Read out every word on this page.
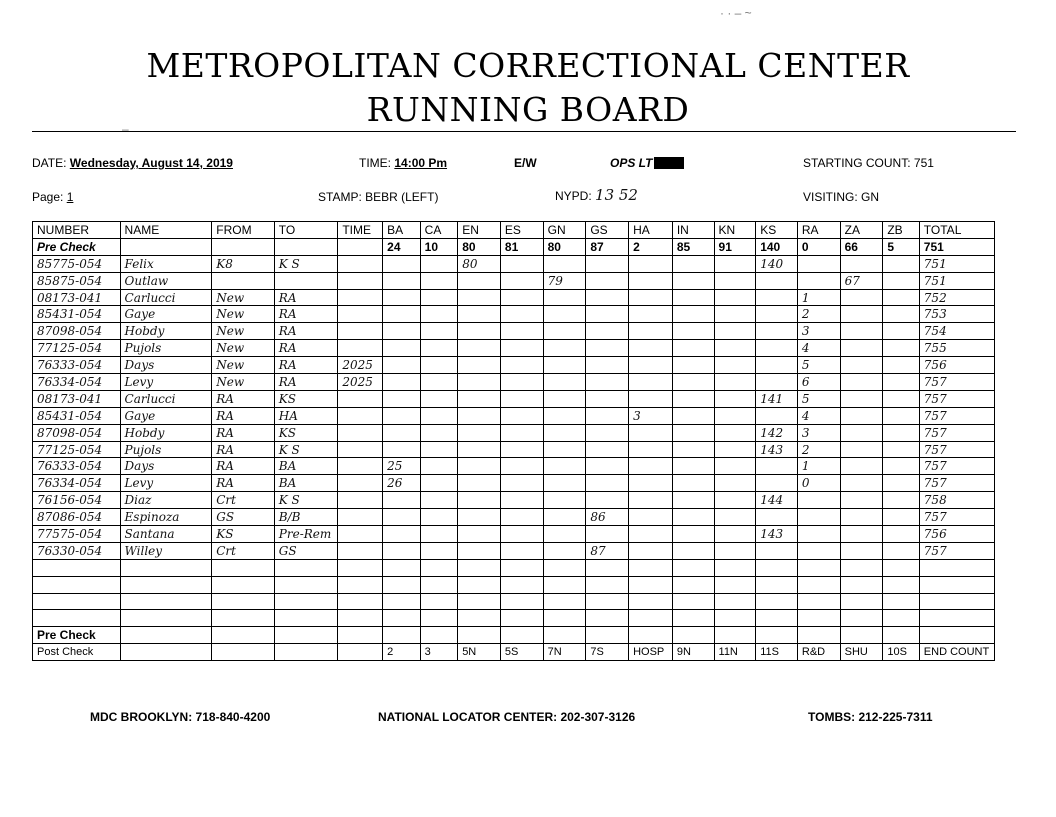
METROPOLITAN CORRECTIONAL CENTER
RUNNING BOARD
· · ‒ ~
‒
DATE: Wednesday, August 14, 2019	TIME: 14:00 Pm	E/W	OPS LT	STARTING COUNT: 751
Page: 1	STAMP: BEBR (LEFT)	NYPD: 13 52	VISITING: GN
NUMBER	NAME	FROM	TO	TIME	BA	CA	EN	ES	GN	GS	HA	IN	KN	KS	RA	ZA	ZB	TOTAL
Pre Check					24	10	80	81	80	87	2	85	91	140	0	66	5	751
85775-054	Felix	K8	K S				80							140				751
85875-054	Outlaw								79							67		751
08173-041	Carlucci	New	RA												1			752
85431-054	Gaye	New	RA												2			753
87098-054	Hobdy	New	RA												3			754
77125-054	Pujols	New	RA												4			755
76333-054	Days	New	RA	2025											5			756
76334-054	Levy	New	RA	2025											6			757
08173-041	Carlucci	RA	KS											141	5			757
85431-054	Gaye	RA	HA								3				4			757
87098-054	Hobdy	RA	KS											142	3			757
77125-054	Pujols	RA	K S											143	2			757
76333-054	Days	RA	BA		25										1			757
76334-054	Levy	RA	BA		26										0			757
76156-054	Diaz	Crt	K S											144				758
87086-054	Espinoza	GS	B/B							86								757
77575-054	Santana	KS	Pre-Rem											143				756
76330-054	Willey	Crt	GS							87								757

Pre Check																		
Post Check					2	3	5N	5S	7N	7S	HOSP	9N	11N	11S	R&D	SHU	10S	END COUNT
MDC BROOKLYN: 718-840-4200	NATIONAL LOCATOR CENTER: 202-307-3126	TOMBS: 212-225-7311
